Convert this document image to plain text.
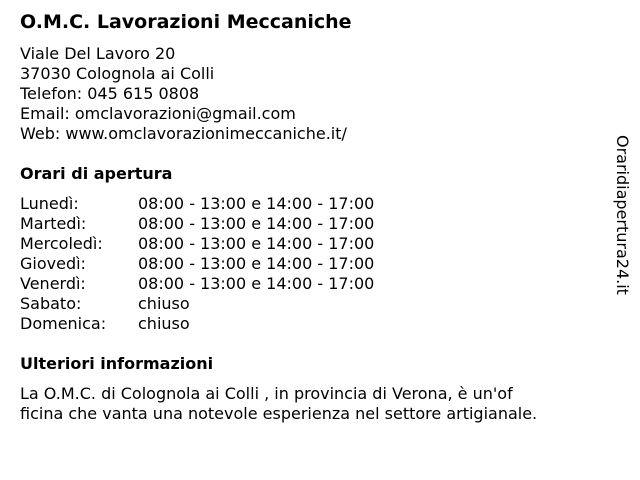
O.M.C. Lavorazioni Meccaniche
Viale Del Lavoro 20
37030 Colognola ai Colli
Telefon: 045 615 0808
Email: omclavorazioni@gmail.com
Web: www.omclavorazionimeccaniche.it/
Orari di apertura
Lunedì:	08:00 - 13:00 e 14:00 - 17:00
Martedì:	08:00 - 13:00 e 14:00 - 17:00
Mercoledì:	08:00 - 13:00 e 14:00 - 17:00
Giovedì:	08:00 - 13:00 e 14:00 - 17:00
Venerdì:	08:00 - 13:00 e 14:00 - 17:00
Sabato:	chiuso
Domenica:	chiuso
Ulteriori informazioni
La O.M.C. di Colognola ai Colli , in provincia di Verona, è un'of
ficina che vanta una notevole esperienza nel settore artigianale.
Oraridiapertura24.it
